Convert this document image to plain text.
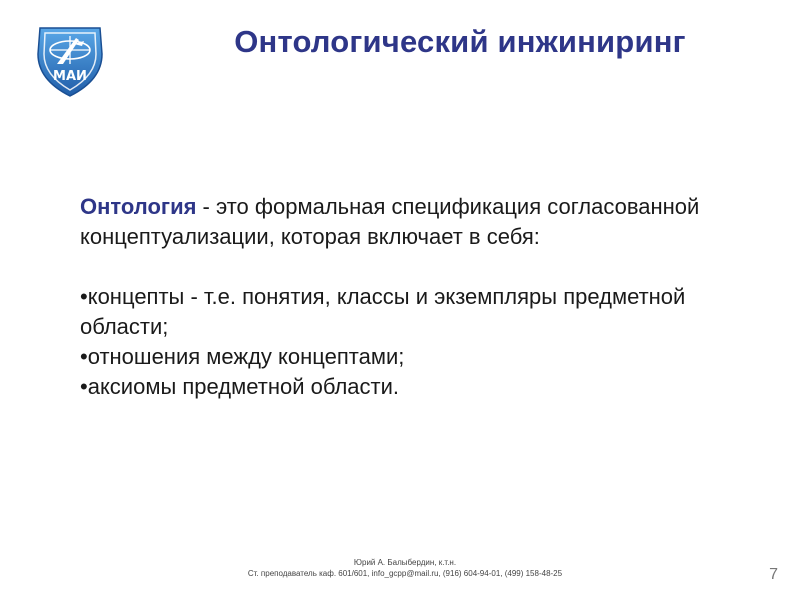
МАИ
Онтологический инжиниринг

Онтология - это формальная спецификация согласованной концептуализации, которая включает в себя:

•концепты - т.е. понятия, классы и экземпляры предметной области;

•отношения между концептами;

•аксиомы предметной области.

Юрий А. Балыбердин, к.т.н.
Ст. преподаватель каф. 601/601, info_gcpp@mail.ru, (916) 604-94-01, (499) 158-48-25	7
